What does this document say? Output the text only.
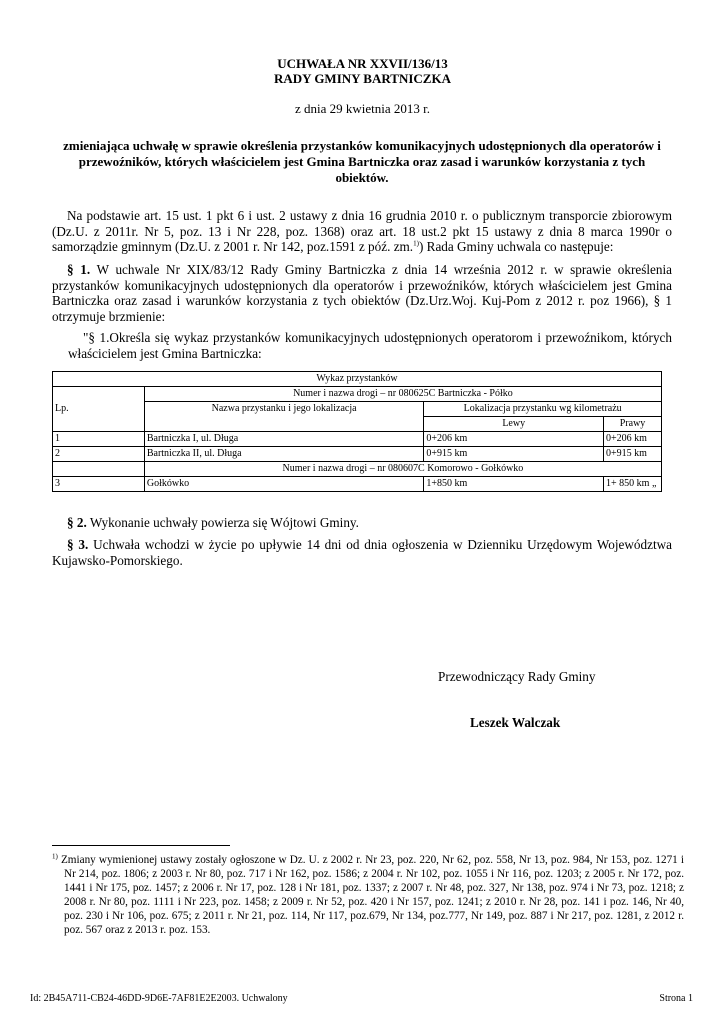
UCHWAŁA NR XXVII/136/13
RADY GMINY BARTNICZKA
z dnia 29 kwietnia 2013 r.
zmieniająca uchwałę w sprawie określenia przystanków komunikacyjnych udostępnionych dla operatorów i przewoźników, których właścicielem jest Gmina Bartniczka oraz zasad i warunków korzystania z tych obiektów.
Na podstawie art. 15 ust. 1 pkt 6 i ust. 2 ustawy z dnia 16 grudnia 2010 r. o publicznym transporcie zbiorowym (Dz.U. z 2011r. Nr 5, poz. 13 i Nr 228, poz. 1368) oraz art. 18 ust.2 pkt 15 ustawy z dnia 8 marca 1990r o samorządzie gminnym (Dz.U. z 2001 r. Nr 142, poz.1591 z póź. zm.$^{1)}$) Rada Gminy uchwala co następuje:
§ 1. W uchwale Nr XIX/83/12 Rady Gminy Bartniczka z dnia 14 września 2012 r. w sprawie określenia przystanków komunikacyjnych udostępnionych dla operatorów i przewoźników, których właścicielem jest Gmina Bartniczka oraz zasad i warunków korzystania z tych obiektów (Dz.Urz.Woj. Kuj-Pom z 2012 r. poz 1966), § 1 otrzymuje brzmienie:
"§ 1.Określa się wykaz przystanków komunikacyjnych udostępnionych operatorom i przewoźnikom, których właścicielem jest Gmina Bartniczka:
Wykaz przystanków			
Lp.	Numer i nazwa drogi – nr 080625C Bartniczka - Półko		
	Nazwa przystanku i jego lokalizacja	Lokalizacja przystanku wg kilometrażu	
		Lewy	Prawy
1	Bartniczka I, ul. Długa	0+206 km	0+206 km
2	Bartniczka II, ul. Długa	0+915 km	0+915 km
	Numer i nazwa drogi – nr 080607C Komorowo - Gołkówko		
3	Gołkówko	1+850 km	1+ 850 km „
§ 2. Wykonanie uchwały powierza się Wójtowi Gminy.
§ 3. Uchwała wchodzi w życie po upływie 14 dni od dnia ogłoszenia w Dzienniku Urzędowym Województwa Kujawsko-Pomorskiego.
Przewodniczący Rady Gminy
Leszek Walczak
$^{1)}$ Zmiany wymienionej ustawy zostały ogłoszone w Dz. U. z 2002 r. Nr 23, poz. 220, Nr 62, poz. 558, Nr 13, poz. 984, Nr 153, poz. 1271 i Nr 214, poz. 1806; z 2003 r. Nr 80, poz. 717 i Nr 162, poz. 1586; z 2004 r. Nr 102, poz. 1055 i Nr 116, poz. 1203; z 2005 r. Nr 172, poz. 1441 i Nr 175, poz. 1457; z 2006 r. Nr 17, poz. 128 i Nr 181, poz. 1337; z 2007 r. Nr 48, poz. 327, Nr 138, poz. 974 i Nr 73, poz. 1218; z 2008 r. Nr 80, poz. 1111 i Nr 223, poz. 1458; z 2009 r. Nr 52, poz. 420 i Nr 157, poz. 1241; z 2010 r. Nr 28, poz. 141 i poz. 146, Nr 40, poz. 230 i Nr 106, poz. 675; z 2011 r. Nr 21, poz. 114, Nr 117, poz.679, Nr 134, poz.777, Nr 149, poz. 887 i Nr 217, poz. 1281, z 2012 r. poz. 567 oraz z 2013 r. poz. 153.
Id: 2B45A711-CB24-46DD-9D6E-7AF81E2E2003. Uchwalony	Strona 1
